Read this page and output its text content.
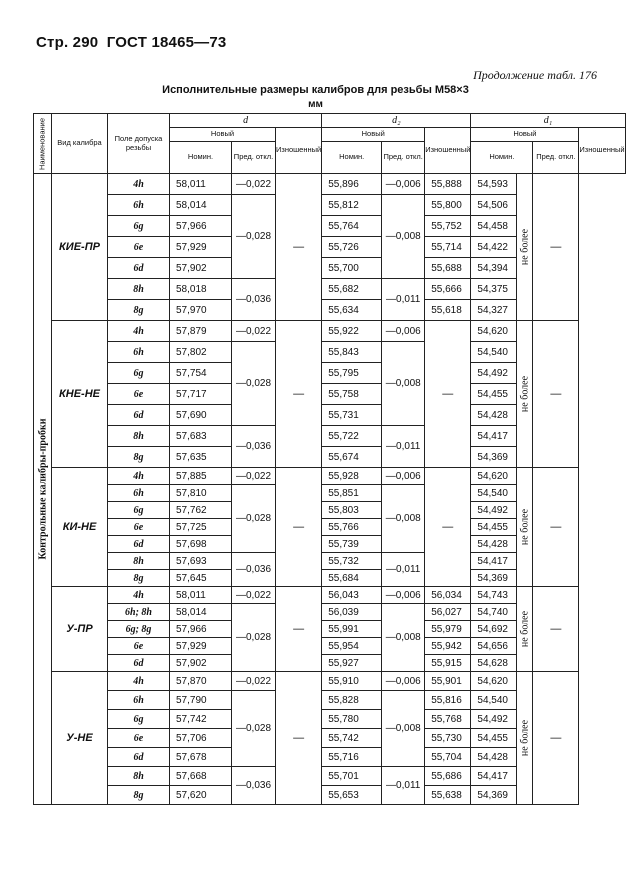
Стр. 290 ГОСТ 18465—73
Продолжение табл. 176
Исполнительные размеры калибров для резьбы М58×3
мм
Наименование	Вид калибра	Поле допуска резьбы	d			d₂			d₁			
			Новый		Изношенный	Новый		Изношенный	Новый			Изношенный
			Номин.	Пред. откл.		Номин.	Пред. откл.		Номин.		Пред. откл.	

Контрольные калибры-пробки	КИЕ-ПР	4h	58,011	—0,022	—	55,896	—0,006	55,888	54,593	не более	—	
		6h	58,014	—0,028		55,812	—0,008	55,800	54,506			
		6g	57,966			55,764		55,752	54,458			
		6e	57,929			55,726		55,714	54,422			
		6d	57,902			55,700		55,688	54,394			
		8h	58,018	—0,036		55,682	—0,011	55,666	54,375			
		8g	57,970			55,634		55,618	54,327			
	КНЕ-НЕ	4h	57,879	—0,022	—	55,922	—0,006	—	54,620	не более	—	
		6h	57,802	—0,028		55,843	—0,008		54,540			
		6g	57,754			55,795			54,492			
		6e	57,717			55,758			54,455			
		6d	57,690			55,731			54,428			
		8h	57,683	—0,036		55,722	—0,011		54,417			
		8g	57,635			55,674			54,369			
	КИ-НЕ	4h	57,885	—0,022	—	55,928	—0,006	—	54,620	не более	—	
		6h	57,810	—0,028		55,851	—0,008		54,540			
		6g	57,762			55,803			54,492			
		6e	57,725			55,766			54,455			
		6d	57,698			55,739			54,428			
		8h	57,693	—0,036		55,732	—0,011		54,417			
		8g	57,645			55,684			54,369			
	У-ПР	4h	58,011	—0,022	—	56,043	—0,006	56,034	54,743	не более	—	
		6h; 8h	58,014	—0,028		56,039	—0,008	56,027	54,740			
		6g; 8g	57,966			55,991		55,979	54,692			
		6e	57,929			55,954		55,942	54,656			
		6d	57,902			55,927		55,915	54,628			
	У-НЕ	4h	57,870	—0,022	—	55,910	—0,006	55,901	54,620	не более	—	
		6h	57,790	—0,028		55,828	—0,008	55,816	54,540			
		6g	57,742			55,780		55,768	54,492			
		6e	57,706			55,742		55,730	54,455			
		6d	57,678			55,716		55,704	54,428			
		8h	57,668	—0,036		55,701	—0,011	55,686	54,417			
		8g	57,620			55,653		55,638	54,369			
